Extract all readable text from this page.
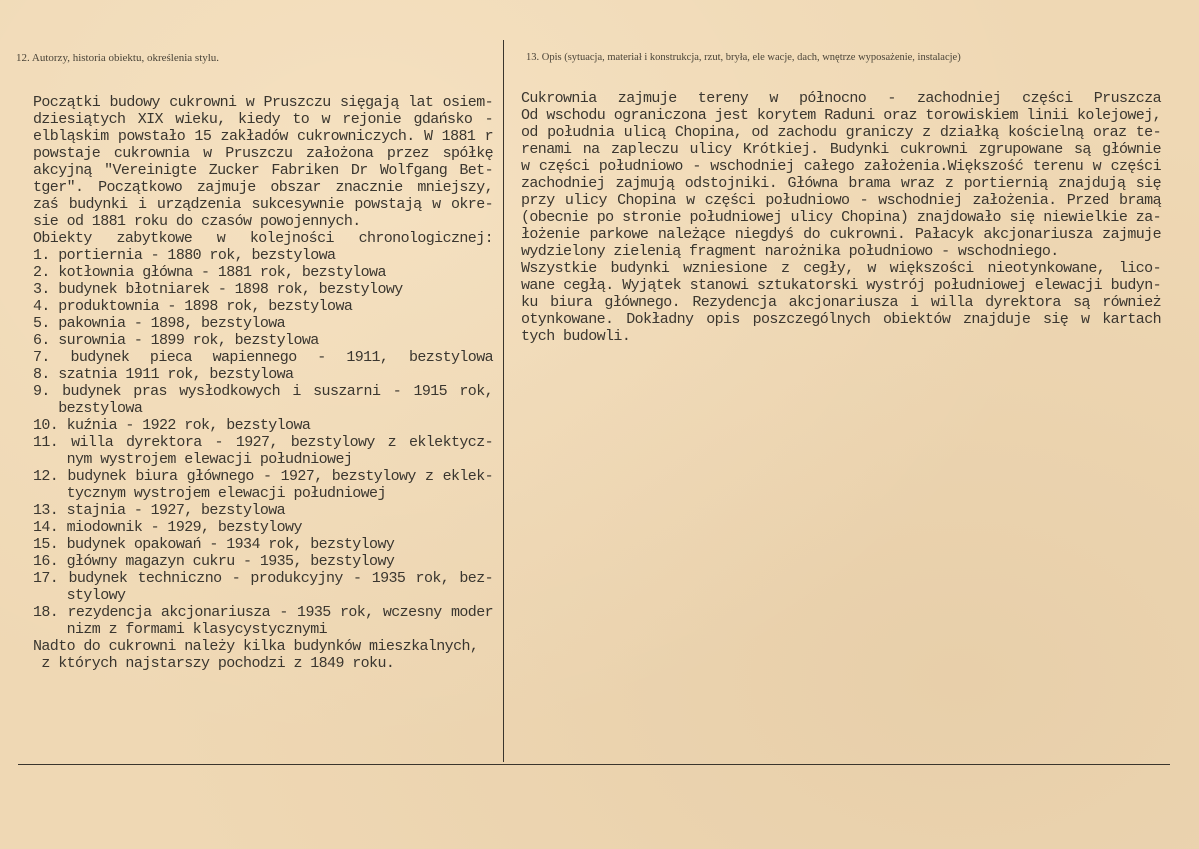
12. Autorzy, historia obiektu, określenia stylu.	13. Opis (sytuacja, materiał i konstrukcja, rzut, bryła, ele wacje, dach, wnętrze wyposażenie, instalacje)
Początki budowy cukrowni w Pruszczu sięgają lat osiem-
dziesiątych XIX wieku, kiedy to w rejonie gdańsko -
elbląskim powstało 15 zakładów cukrowniczych. W 1881 r
powstaje cukrownia w Pruszczu założona przez spółkę
akcyjną "Vereinigte Zucker Fabriken Dr Wolfgang Bet-
tger". Początkowo zajmuje obszar znacznie mniejszy,
zaś budynki i urządzenia sukcesywnie powstają w okre-
sie od 1881 roku do czasów powojennych.
Obiekty zabytkowe w kolejności chronologicznej:
1. portiernia - 1880 rok, bezstylowa
2. kotłownia główna - 1881 rok, bezstylowa
3. budynek błotniarek - 1898 rok, bezstylowy
4. produktownia - 1898 rok, bezstylowa
5. pakownia - 1898, bezstylowa
6. surownia - 1899 rok, bezstylowa
7. budynek pieca wapiennego - 1911, bezstylowa
8. szatnia 1911 rok, bezstylowa
9. budynek pras wysłodkowych i suszarni - 1915 rok,
bezstylowa
10. kuźnia - 1922 rok, bezstylowa
11. willa dyrektora - 1927, bezstylowy z eklektycz-
nym wystrojem elewacji południowej
12. budynek biura głównego - 1927, bezstylowy z eklek-
tycznym wystrojem elewacji południowej
13. stajnia - 1927, bezstylowa
14. miodownik - 1929, bezstylowy
15. budynek opakowań - 1934 rok, bezstylowy
16. główny magazyn cukru - 1935, bezstylowy
17. budynek techniczno - produkcyjny - 1935 rok, bez-
stylowy
18. rezydencja akcjonariusza - 1935 rok, wczesny moder
nizm z formami klasycystycznymi
Nadto do cukrowni należy kilka budynków mieszkalnych,
z których najstarszy pochodzi z 1849 roku.
Cukrownia zajmuje tereny w północno - zachodniej części Pruszcza
Od wschodu ograniczona jest korytem Raduni oraz torowiskiem linii kolejowej,
od południa ulicą Chopina, od zachodu graniczy z działką kościelną oraz te-
renami na zapleczu ulicy Krótkiej. Budynki cukrowni zgrupowane są głównie
w części południowo - wschodniej całego założenia.Większość terenu w części
zachodniej zajmują odstojniki. Główna brama wraz z portiernią znajdują się
przy ulicy Chopina w części południowo - wschodniej założenia. Przed bramą
(obecnie po stronie południowej ulicy Chopina) znajdowało się niewielkie za-
łożenie parkowe należące niegdyś do cukrowni. Pałacyk akcjonariusza zajmuje
wydzielony zielenią fragment narożnika południowo - wschodniego.
Wszystkie budynki wzniesione z cegły, w większości nieotynkowane, lico-
wane cegłą. Wyjątek stanowi sztukatorski wystrój południowej elewacji budyn-
ku biura głównego. Rezydencja akcjonariusza i willa dyrektora są również
otynkowane. Dokładny opis poszczególnych obiektów znajduje się w kartach
tych budowli.
